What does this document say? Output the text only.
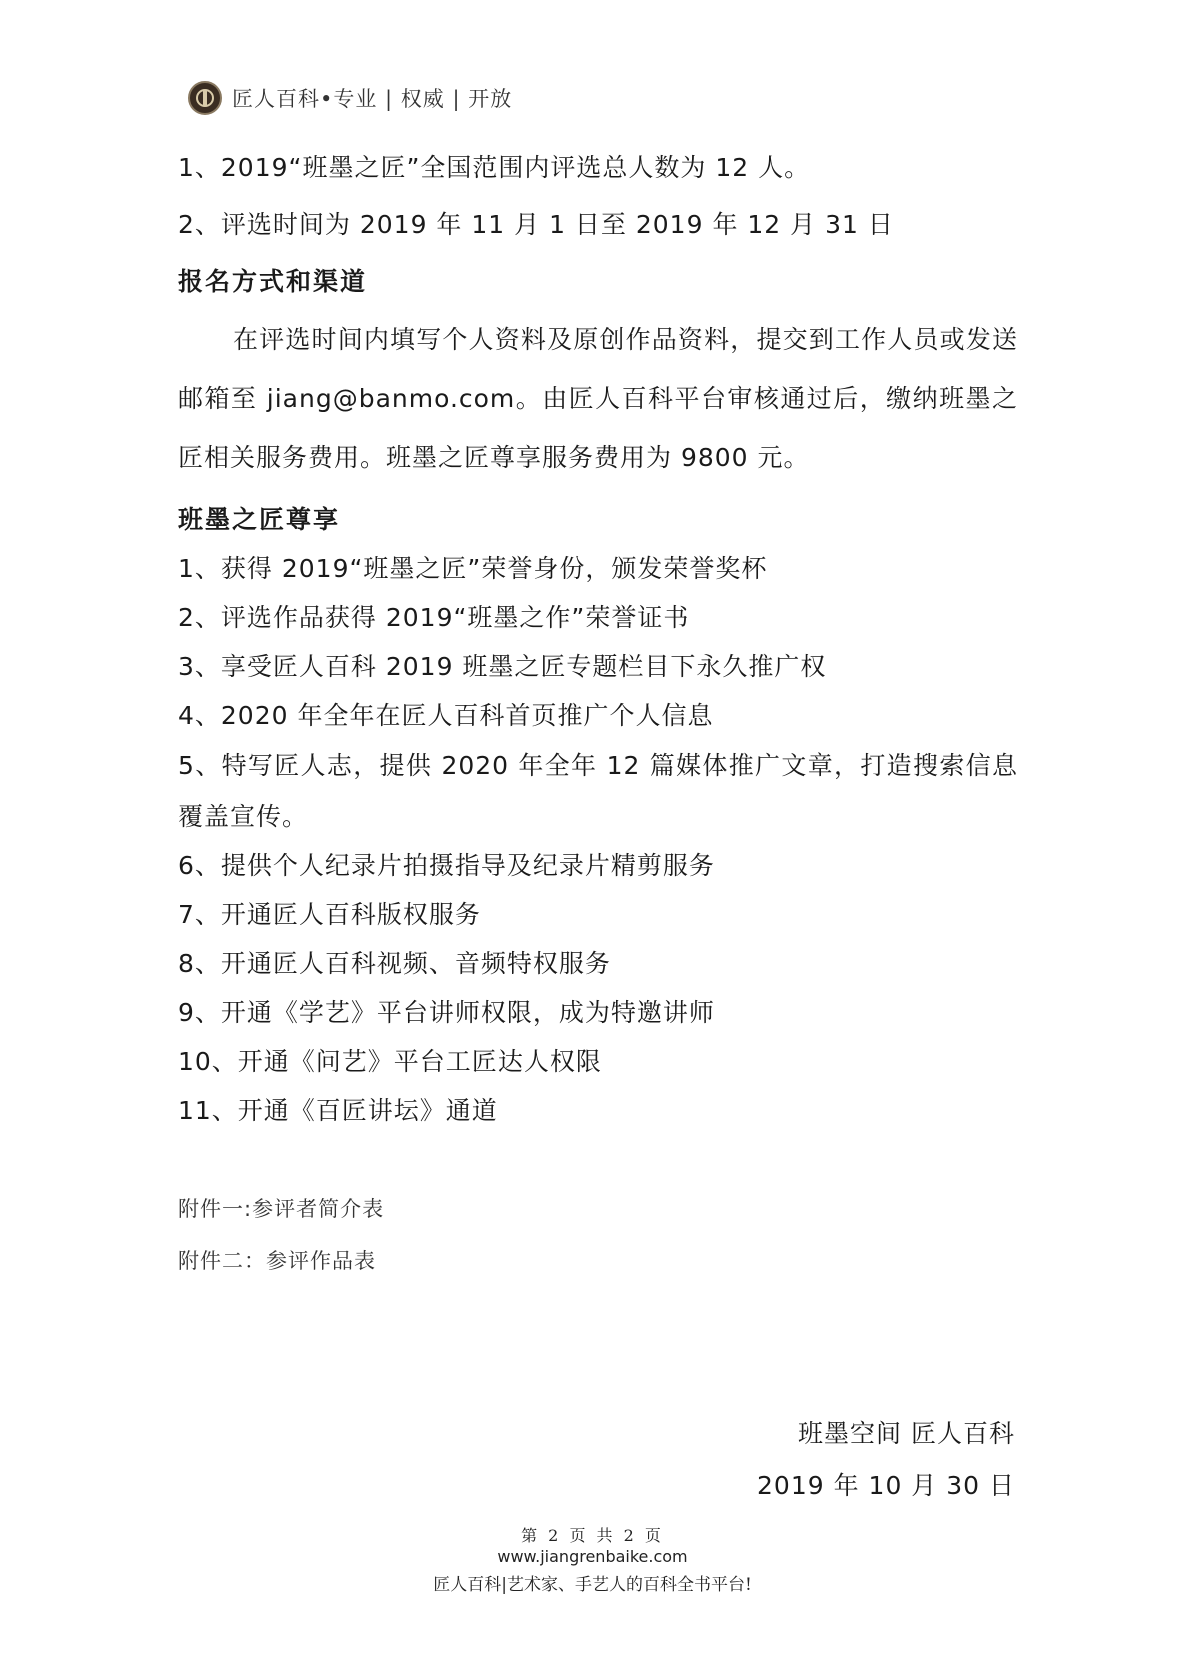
匠人百科•专业 | 权威 | 开放
1、2019“班墨之匠”全国范围内评选总人数为 12 人。
2、评选时间为 2019 年 11 月 1 日至 2019 年 12 月 31 日
报名方式和渠道
在评选时间内填写个人资料及原创作品资料，提交到工作人员或发送邮箱至 jiang@banmo.com。由匠人百科平台审核通过后，缴纳班墨之匠相关服务费用。班墨之匠尊享服务费用为 9800 元。
班墨之匠尊享
1、获得 2019“班墨之匠”荣誉身份，颁发荣誉奖杯
2、评选作品获得 2019“班墨之作”荣誉证书
3、享受匠人百科 2019 班墨之匠专题栏目下永久推广权
4、2020 年全年在匠人百科首页推广个人信息
5、特写匠人志，提供 2020 年全年 12 篇媒体推广文章，打造搜索信息覆盖宣传。
6、提供个人纪录片拍摄指导及纪录片精剪服务
7、开通匠人百科版权服务
8、开通匠人百科视频、音频特权服务
9、开通《学艺》平台讲师权限，成为特邀讲师
10、开通《问艺》平台工匠达人权限
11、开通《百匠讲坛》通道
附件一:参评者简介表
附件二：参评作品表
班墨空间 匠人百科
2019 年 10 月 30 日
第 2 页 共 2 页
www.jiangrenbaike.com
匠人百科|艺术家、手艺人的百科全书平台!
